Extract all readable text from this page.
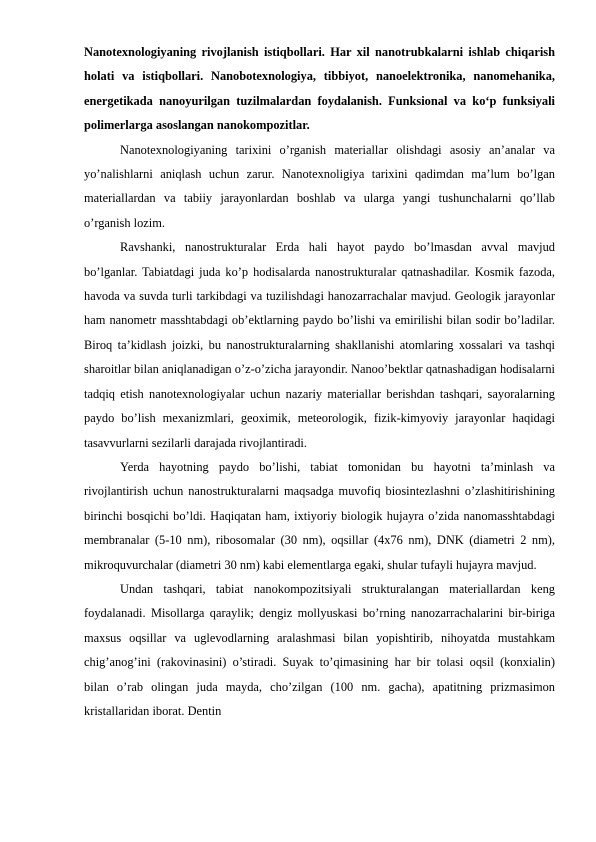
Nanotexnologiyaning rivojlanish istiqbollari. Har xil nanotrubkalarni ishlab chiqarish holati va istiqbollari. Nanobotexnologiya, tibbiyot, nanoelektronika, nanomehanika, energetikada nanoyurilgan tuzilmalardan foydalanish. Funksional va ko‘p funksiyali polimerlarga asoslangan nanokompozitlar.

Nanotexnologiyaning tarixini o’rganish materiallar olishdagi asosiy an’analar va yo’nalishlarni aniqlash uchun zarur. Nanotexnoligiya tarixini qadimdan ma’lum bo’lgan materiallardan va tabiiy jarayonlardan boshlab va ularga yangi tushunchalarni qo’llab o’rganish lozim.

Ravshanki, nanostrukturalar Erda hali hayot paydo bo’lmasdan avval mavjud bo’lganlar. Tabiatdagi juda ko’p hodisalarda nanostrukturalar qatnashadilar. Kosmik fazoda, havoda va suvda turli tarkibdagi va tuzilishdagi hanozarrachalar mavjud. Geologik jarayonlar ham nanometr masshtabdagi ob’ektlarning paydo bo’lishi va emirilishi bilan sodir bo’ladilar. Biroq ta’kidlash joizki, bu nanostrukturalarning shakllanishi atomlaring xossalari va tashqi sharoitlar bilan aniqlanadigan o’z-o’zicha jarayondir. Nanoo’bektlar qatnashadigan hodisalarni tadqiq etish nanotexnologiyalar uchun nazariy materiallar berishdan tashqari, sayoralarning paydo bo’lish mexanizmlari, geoximik, meteorologik, fizik-kimyoviy jarayonlar haqidagi tasavvurlarni sezilarli darajada rivojlantiradi.

Yerda hayotning paydo bo’lishi, tabiat tomonidan bu hayotni ta’minlash va rivojlantirish uchun nanostrukturalarni maqsadga muvofiq biosintezlashni o’zlashitirishining birinchi bosqichi bo’ldi. Haqiqatan ham, ixtiyoriy biologik hujayra o’zida nanomasshtabdagi membranalar (5-10 nm), ribosomalar (30 nm), oqsillar (4x76 nm), DNK (diametri 2 nm), mikroquvurchalar (diametri 30 nm) kabi elementlarga egaki, shular tufayli hujayra mavjud.

Undan tashqari, tabiat nanokompozitsiyali strukturalangan materiallardan keng foydalanadi. Misollarga qaraylik; dengiz mollyuskasi bo’rning nanozarrachalarini bir-biriga maxsus oqsillar va uglevodlarning aralashmasi bilan yopishtirib, nihoyatda mustahkam chig’anog’ini (rakovinasini) o’stiradi. Suyak to’qimasining har bir tolasi oqsil (konxialin) bilan o’rab olingan juda mayda, cho’zilgan (100 nm. gacha), apatitning prizmasimon kristallaridan iborat. Dentin
